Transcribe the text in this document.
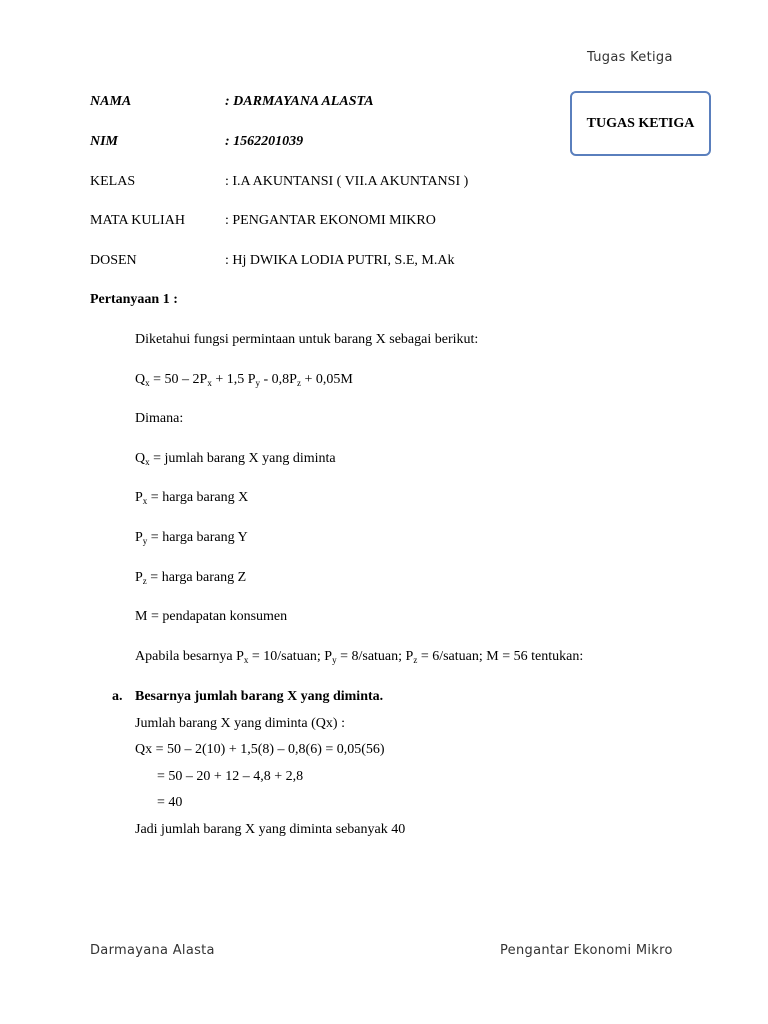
Tugas Ketiga
TUGAS KETIGA
NAMA	: DARMAYANA ALASTA
NIM	: 1562201039
KELAS	: I.A AKUNTANSI ( VII.A AKUNTANSI )
MATA KULIAH	: PENGANTAR EKONOMI MIKRO
DOSEN	: Hj DWIKA LODIA PUTRI, S.E, M.Ak
Pertanyaan 1 :
Diketahui fungsi permintaan untuk barang X sebagai berikut:
$Q_x = 50 - 2P_x + 1,5$ $P_y - 0,8P_z + 0,05M$
Dimana:
$Q_x$ = jumlah barang X yang diminta
$P_x$ = harga barang X
$P_y$ = harga barang Y
$P_z$ = harga barang Z
M = pendapatan konsumen
Apabila besarnya $P_x$ = 10/satuan; $P_y$ = 8/satuan; $P_z$ = 6/satuan; M = 56 tentukan:
a. Besarnya jumlah barang X yang diminta.
Jumlah barang X yang diminta (Qx) :
Qx = 50 – 2(10) + 1,5(8) – 0,8(6) = 0,05(56)
= 50 – 20 + 12 – 4,8 + 2,8
= 40
Jadi jumlah barang X yang diminta sebanyak 40
Darmayana Alasta	Pengantar Ekonomi Mikro
